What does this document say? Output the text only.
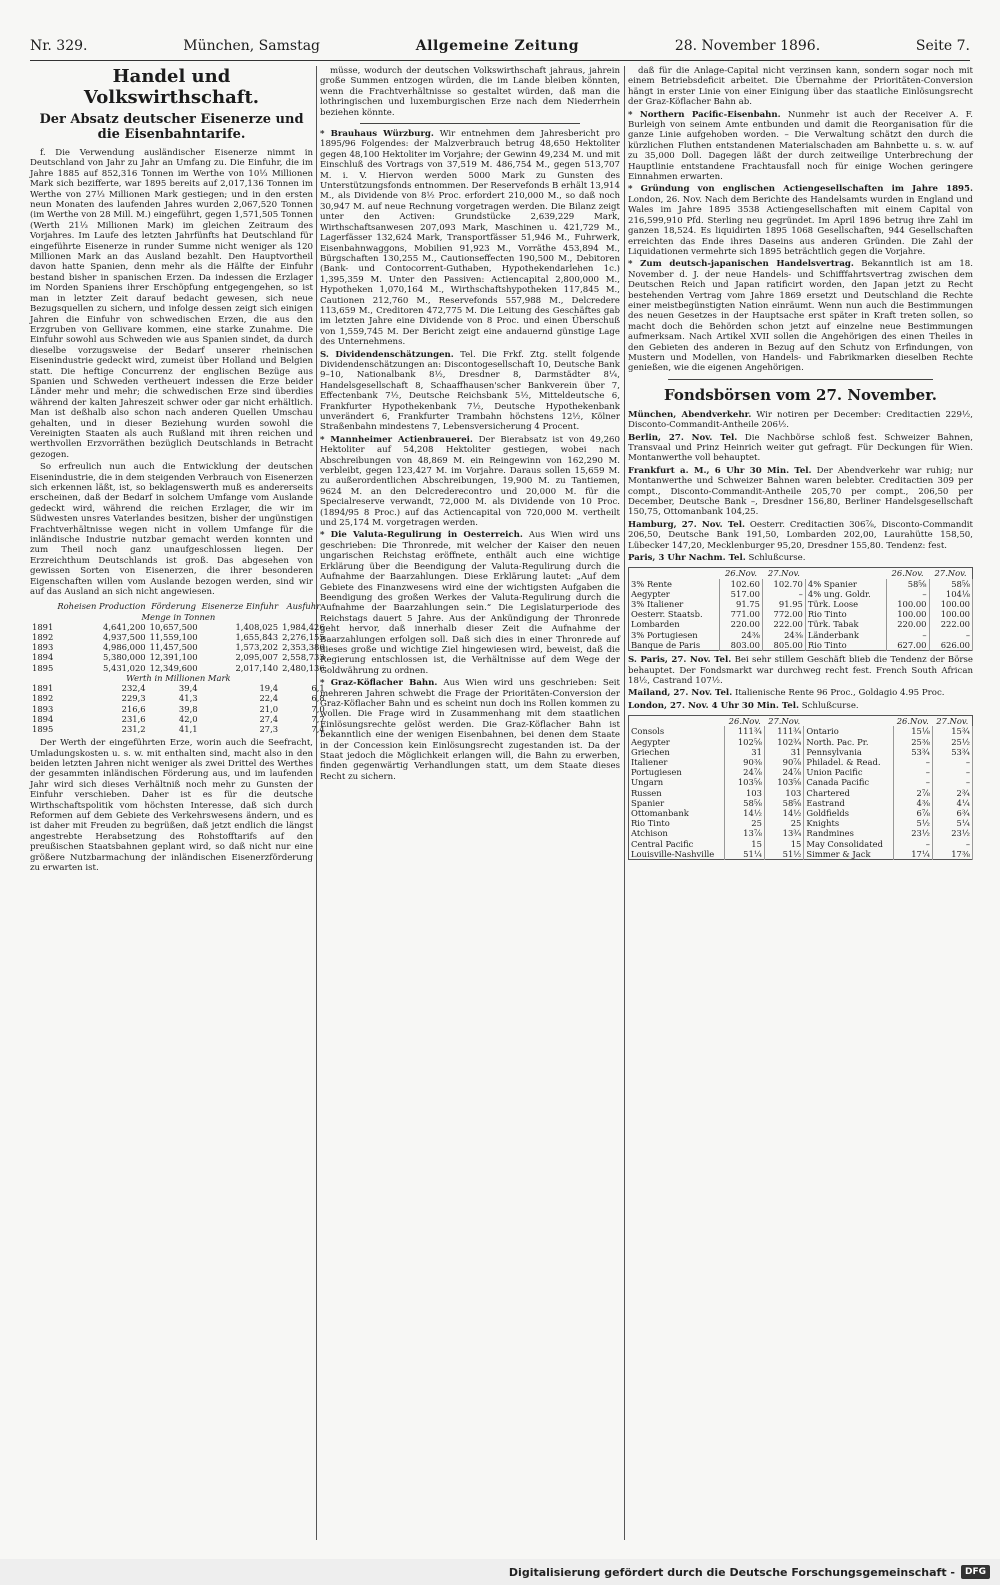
Nr. 329.	München, Samstag	Allgemeine Zeitung	28. November 1896.	Seite 7.
Handel und Volkswirthschaft.
Der Absatz deutscher Eisenerze und die Eisenbahntarife.

f. Die Verwendung ausländischer Eisenerze nimmt in Deutschland von Jahr zu Jahr an Umfang zu. Die Einfuhr, die im Jahre 1885 auf 852,316 Tonnen im Werthe von 10⅓ Millionen Mark sich bezifferte, war 1895 bereits auf 2,017,136 Tonnen im Werthe von 27⅓ Millionen Mark gestiegen; und in den ersten neun Monaten des laufenden Jahres wurden 2,067,520 Tonnen (im Werthe von 28 Mill. M.) eingeführt, gegen 1,571,505 Tonnen (Werth 21⅓ Millionen Mark) im gleichen Zeitraum des Vorjahres. Im Laufe des letzten Jahrfünfts hat Deutschland für eingeführte Eisenerze in runder Summe nicht weniger als 120 Millionen Mark an das Ausland bezahlt. Den Hauptvortheil davon hatte Spanien, denn mehr als die Hälfte der Einfuhr bestand bisher in spanischen Erzen. Da indessen die Erzlager im Norden Spaniens ihrer Erschöpfung entgegengehen, so ist man in letzter Zeit darauf bedacht gewesen, sich neue Bezugsquellen zu sichern, und infolge dessen zeigt sich einigen Jahren die Einfuhr von schwedischen Erzen, die aus den Erzgruben von Gellivare kommen, eine starke Zunahme. Die Einfuhr sowohl aus Schweden wie aus Spanien sindet, da durch dieselbe vorzugsweise der Bedarf unserer rheinischen Eisenindustrie gedeckt wird, zumeist über Holland und Belgien statt. Die heftige Concurrenz der englischen Bezüge aus Spanien und Schweden vertheuert indessen die Erze beider Länder mehr und mehr; die schwedischen Erze sind überdies während der kalten Jahreszeit schwer oder gar nicht erhältlich. Man ist deßhalb also schon nach anderen Quellen Umschau gehalten, und in dieser Beziehung wurden sowohl die Vereinigten Staaten als auch Rußland mit ihren reichen und werthvollen Erzvorräthen bezüglich Deutschlands in Betracht gezogen.

So erfreulich nun auch die Entwicklung der deutschen Eisenindustrie, die in dem steigenden Verbrauch von Eisenerzen sich erkennen läßt, ist, so beklagenswerth muß es andererseits erscheinen, daß der Bedarf in solchem Umfange vom Auslande gedeckt wird, während die reichen Erzlager, die wir im Südwesten unsres Vaterlandes besitzen, bisher der ungünstigen Frachtverhältnisse wegen nicht in vollem Umfange für die inländische Industrie nutzbar gemacht werden konnten und zum Theil noch ganz unaufgeschlossen liegen. Der Erzreichthum Deutschlands ist groß. Das abgesehen von gewissen Sorten von Eisenerzen, die ihrer besonderen Eigenschaften willen vom Auslande bezogen werden, sind wir auf das Ausland an sich nicht angewiesen.

	Roheisen Production	Förderung	Eisenerze Einfuhr	Ausfuhr
Menge in Tonnen				
1891	4,641,200	10,657,500	1,408,025	1,984,426
1892	4,937,500	11,559,100	1,655,843	2,276,155
1893	4,986,000	11,457,500	1,573,202	2,353,386
1894	5,380,000	12,391,100	2,095,007	2,558,733
1895	5,431,020	12,349,600	2,017,140	2,480,136
Werth in Millionen Mark				
1891	232,4	39,4	19,4	6,1
1892	229,3	41,3	22,4	6,8
1893	216,6	39,8	21,0	7,0
1894	231,6	42,0	27,4	7,7
1895	231,2	41,1	27,3	7,4

Der Werth der eingeführten Erze, worin auch die Seefracht, Umladungskosten u. s. w. mit enthalten sind, macht also in den beiden letzten Jahren nicht weniger als zwei Drittel des Werthes der gesammten inländischen Förderung aus, und im laufenden Jahr wird sich dieses Verhältniß noch mehr zu Gunsten der Einfuhr verschieben. Daher ist es für die deutsche Wirthschaftspolitik vom höchsten Interesse, daß sich durch Reformen auf dem Gebiete des Verkehrswesens ändern, und es ist daher mit Freuden zu begrüßen, daß jetzt endlich die längst angestrebte Herabsetzung des Rohstofftarifs auf den preußischen Staatsbahnen geplant wird, so daß nicht nur eine größere Nutzbarmachung der inländischen Eisenerzförderung zu erwarten ist.

müsse, wodurch der deutschen Volkswirthschaft jahraus, jahrein große Summen entzogen würden, die im Lande bleiben könnten, wenn die Frachtverhältnisse so gestaltet würden, daß man die lothringischen und luxemburgischen Erze nach dem Niederrhein beziehen könnte.

* Brauhaus Würzburg. Wir entnehmen dem Jahresbericht pro 1895/96 Folgendes: der Malzverbrauch betrug 48,650 Hektoliter gegen 48,100 Hektoliter im Vorjahre; der Gewinn 49,234 M. und mit Einschluß des Vortrags von 37,519 M. 486,754 M., gegen 513,707 M. i. V. Hiervon werden 5000 Mark zu Gunsten des Unterstützungsfonds entnommen. Der Reservefonds B erhält 13,914 M., als Dividende von 8½ Proc. erfordert 210,000 M., so daß noch 30,947 M. auf neue Rechnung vorgetragen werden. Die Bilanz zeigt unter den Activen: Grundstücke 2,639,229 Mark, Wirthschaftsanwesen 207,093 Mark, Maschinen u. 421,729 M., Lagerfässer 132,624 Mark, Transportfässer 51,946 M., Fuhrwerk, Eisenbahnwaggons, Mobilien 91,923 M., Vorräthe 453,894 M., Bürgschaften 130,255 M., Cautionseffecten 190,500 M., Debitoren (Bank- und Contocorrent-Guthaben, Hypothekendarlehen 1c.) 1,395,359 M. Unter den Passiven: Actiencapital 2,800,000 M., Hypotheken 1,070,164 M., Wirthschaftshypotheken 117,845 M., Cautionen 212,760 M., Reservefonds 557,988 M., Delcredere 113,659 M., Creditoren 472,775 M. Die Leitung des Geschäftes gab im letzten Jahre eine Dividende von 8 Proc. und einen Überschuß von 1,559,745 M. Der Bericht zeigt eine andauernd günstige Lage des Unternehmens.

S. Dividendenschätzungen. Tel. Die Frkf. Ztg. stellt folgende Dividendenschätzungen an: Discontogesellschaft 10, Deutsche Bank 9–10, Nationalbank 8½, Dresdner 8, Darmstädter 8¼, Handelsgesellschaft 8, Schaaffhausen'scher Bankverein über 7, Effectenbank 7½, Deutsche Reichsbank 5½, Mitteldeutsche 6, Frankfurter Hypothekenbank 7½, Deutsche Hypothekenbank unverändert 6, Frankfurter Trambahn höchstens 12½, Kölner Straßenbahn mindestens 7, Lebensversicherung 4 Procent.

* Mannheimer Actienbrauerei. Der Bierabsatz ist von 49,260 Hektoliter auf 54,208 Hektoliter gestiegen, wobei nach Abschreibungen von 48,869 M. ein Reingewinn von 162,290 M. verbleibt, gegen 123,427 M. im Vorjahre. Daraus sollen 15,659 M. zu außerordentlichen Abschreibungen, 19,900 M. zu Tantiemen, 9624 M. an den Delcrederecontro und 20,000 M. für die Specialreserve verwandt, 72,000 M. als Dividende von 10 Proc. (1894/95 8 Proc.) auf das Actiencapital von 720,000 M. vertheilt und 25,174 M. vorgetragen werden.

* Die Valuta-Regulirung in Oesterreich. Aus Wien wird uns geschrieben: Die Thronrede, mit welcher der Kaiser den neuen ungarischen Reichstag eröffnete, enthält auch eine wichtige Erklärung über die Beendigung der Valuta-Regulirung durch die Aufnahme der Baarzahlungen. Diese Erklärung lautet: „Auf dem Gebiete des Finanzwesens wird eine der wichtigsten Aufgaben die Beendigung des großen Werkes der Valuta-Regulirung durch die Aufnahme der Baarzahlungen sein.“ Die Legislaturperiode des Reichstags dauert 5 Jahre. Aus der Ankündigung der Thronrede geht hervor, daß innerhalb dieser Zeit die Aufnahme der Baarzahlungen erfolgen soll. Daß sich dies in einer Thronrede auf dieses große und wichtige Ziel hingewiesen wird, beweist, daß die Regierung entschlossen ist, die Verhältnisse auf dem Wege der Goldwährung zu ordnen.

* Graz-Köflacher Bahn. Aus Wien wird uns geschrieben: Seit mehreren Jahren schwebt die Frage der Prioritäten-Conversion der Graz-Köflacher Bahn und es scheint nun doch ins Rollen kommen zu wollen. Die Frage wird in Zusammenhang mit dem staatlichen Einlösungsrechte gelöst werden. Die Graz-Köflacher Bahn ist bekanntlich eine der wenigen Eisenbahnen, bei denen dem Staate in der Concession kein Einlösungsrecht zugestanden ist. Da der Staat jedoch die Möglichkeit erlangen will, die Bahn zu erwerben, finden gegenwärtig Verhandlungen statt, um dem Staate dieses Recht zu sichern.

daß für die Anlage-Capital nicht verzinsen kann, sondern sogar noch mit einem Betriebsdeficit arbeitet. Die Übernahme der Prioritäten-Conversion hängt in erster Linie von einer Einigung über das staatliche Einlösungsrecht der Graz-Köflacher Bahn ab.

* Northern Pacific-Eisenbahn. Nunmehr ist auch der Receiver A. F. Burleigh von seinem Amte entbunden und damit die Reorganisation für die ganze Linie aufgehoben worden. – Die Verwaltung schätzt den durch die kürzlichen Fluthen entstandenen Materialschaden am Bahnbette u. s. w. auf zu 35,000 Doll. Dagegen läßt der durch zeitweilige Unterbrechung der Hauptlinie entstandene Frachtausfall noch für einige Wochen geringere Einnahmen erwarten.

* Gründung von englischen Actiengesellschaften im Jahre 1895. London, 26. Nov. Nach dem Berichte des Handelsamts wurden in England und Wales im Jahre 1895 3538 Actiengesellschaften mit einem Capital von 216,599,910 Pfd. Sterling neu gegründet. Im April 1896 betrug ihre Zahl im ganzen 18,524. Es liquidirten 1895 1068 Gesellschaften, 944 Gesellschaften erreichten das Ende ihres Daseins aus anderen Gründen. Die Zahl der Liquidationen vermehrte sich 1895 beträchtlich gegen die Vorjahre.

* Zum deutsch-japanischen Handelsvertrag. Bekanntlich ist am 18. November d. J. der neue Handels- und Schifffahrtsvertrag zwischen dem Deutschen Reich und Japan ratificirt worden, den Japan jetzt zu Recht bestehenden Vertrag vom Jahre 1869 ersetzt und Deutschland die Rechte einer meistbegünstigten Nation einräumt. Wenn nun auch die Bestimmungen des neuen Gesetzes in der Hauptsache erst später in Kraft treten sollen, so macht doch die Behörden schon jetzt auf einzelne neue Bestimmungen aufmerksam. Nach Artikel XVII sollen die Angehörigen des einen Theiles in den Gebieten des anderen in Bezug auf den Schutz von Erfindungen, von Mustern und Modellen, von Handels- und Fabrikmarken dieselben Rechte genießen, wie die eigenen Angehörigen.

Fondsbörsen vom 27. November.

München, Abendverkehr. Wir notiren per December: Creditactien 229½, Disconto-Commandit-Antheile 206½.

Berlin, 27. Nov. Tel. Die Nachbörse schloß fest. Schweizer Bahnen, Transvaal und Prinz Heinrich weiter gut gefragt. Für Deckungen für Wien. Montanwerthe voll behauptet.

Frankfurt a. M., 6 Uhr 30 Min. Tel. Der Abendverkehr war ruhig; nur Montanwerthe und Schweizer Bahnen waren belebter. Creditactien 309 per compt., Disconto-Commandit-Antheile 205,70 per compt., 206,50 per December, Deutsche Bank –, Dresdner 156,80, Berliner Handelsgesellschaft 150,75, Ottomanbank 104,25.

Hamburg, 27. Nov. Tel. Oesterr. Creditactien 306⅞, Disconto-Commandit 206,50, Deutsche Bank 191,50, Lombarden 202,00, Laurahütte 158,50, Lübecker 147,20, Mecklenburger 95,20, Dresdner 155,80. Tendenz: fest.

Paris, 3 Uhr Nachm. Tel. Schlußcurse.

	26.Nov.	27.Nov.		26.Nov.	27.Nov.
3% Rente	102.60	102.70	4% Spanier	58⅝	58⅝
Aegypter	517.00	–	4% ung. Goldr.	–	104⅛
3% Italiener	91.75	91.95	Türk. Loose	100.00	100.00
Oesterr. Staatsb.	771.00	772.00	Rio Tinto	100.00	100.00
Lombarden	220.00	222.00	Türk. Tabak	220.00	222.00
3% Portugiesen	24⅜	24⅜	Länderbank	–	–
Banque de Paris	803.00	805.00	Rio Tinto	627.00	626.00

S. Paris, 27. Nov. Tel. Bei sehr stillem Geschäft blieb die Tendenz der Börse behauptet. Der Fondsmarkt war durchweg recht fest. French South African 18½, Castrand 107½.

Mailand, 27. Nov. Tel. Italienische Rente 96 Proc., Goldagio 4.95 Proc.

London, 27. Nov. 4 Uhr 30 Min. Tel. Schlußcurse.

	26.Nov.	27.Nov.		26.Nov.	27.Nov.
Consols	111¾	111¾	Ontario	15⅛	15¾
Aegypter	102⅝	102¾	North. Pac. Pr.	25⅜	25½
Griechen	31	31	Pennsylvania	53¾	53¾
Italiener	90⅜	90⅞	Philadel. & Read.	–	–
Portugiesen	24⅞	24⅞	Union Pacific	–	–
Ungarn	103⅝	103⅝	Canada Pacific	–	–
Russen	103	103	Chartered	2⅞	2¾
Spanier	58⅝	58⅝	Eastrand	4⅜	4¼
Ottomanbank	14½	14½	Goldfields	6⅞	6¾
Rio Tinto	25	25	Knights	5½	5¼
Atchison	13⅞	13¾	Randmines	23½	23½
Central Pacific	15	15	May Consolidated	–	–
Louisville-Nashville	51¼	51½	Simmer & Jack	17¼	17⅜
Digitalisierung gefördert durch die Deutsche Forschungsgemeinschaft -	DFG
